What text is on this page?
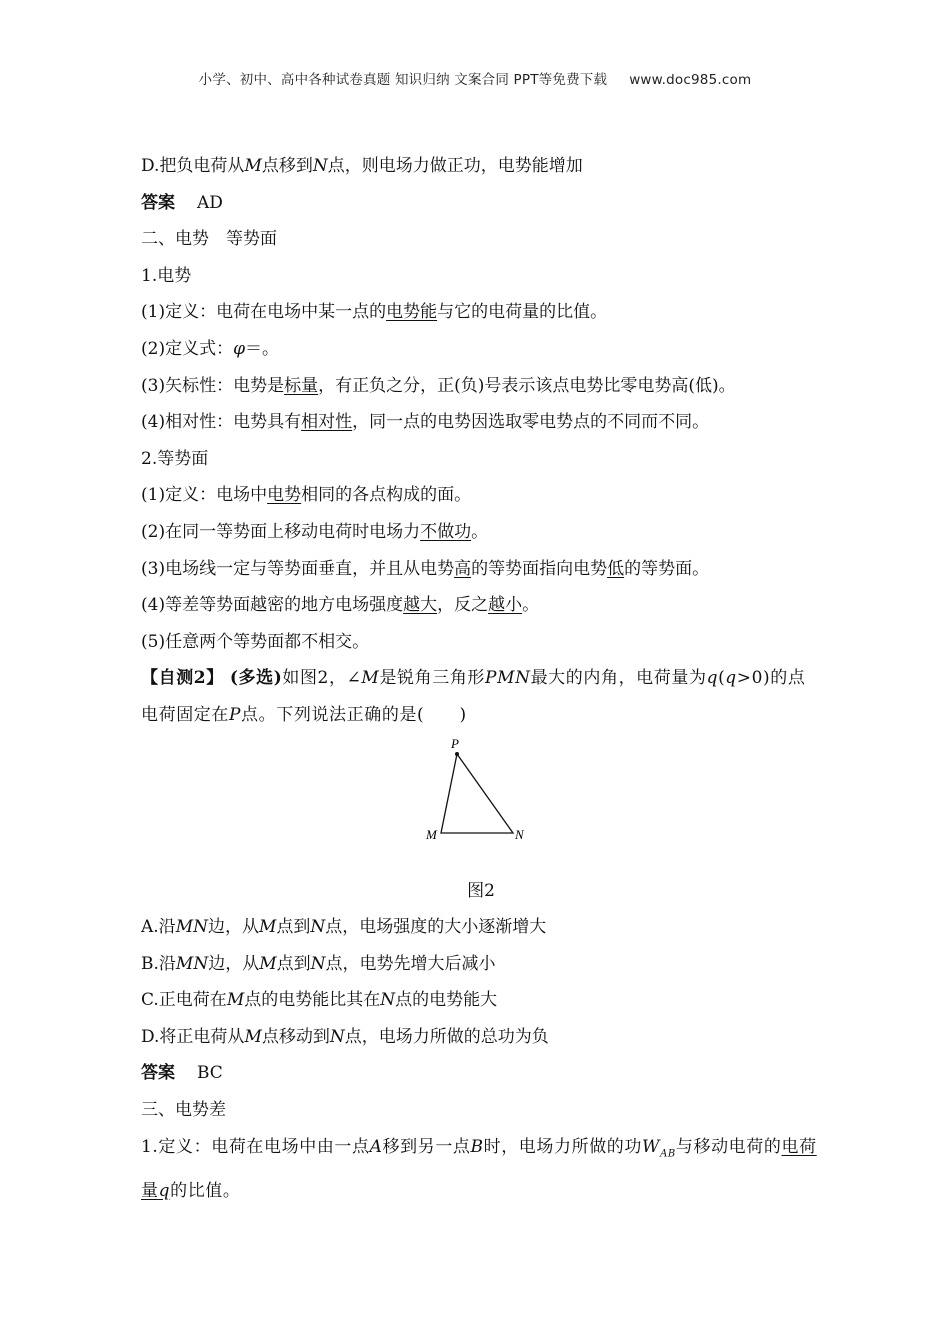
小学、初中、高中各种试卷真题 知识归纳 文案合同 PPT等免费下载 www.doc985.com
D.把负电荷从M点移到N点，则电场力做正功，电势能增加
答案 AD
二、电势　等势面
1.电势
(1)定义：电荷在电场中某一点的电势能与它的电荷量的比值。
(2)定义式：φ＝。
(3)矢标性：电势是标量，有正负之分，正(负)号表示该点电势比零电势高(低)。
(4)相对性：电势具有相对性，同一点的电势因选取零电势点的不同而不同。
2.等势面
(1)定义：电场中电势相同的各点构成的面。
(2)在同一等势面上移动电荷时电场力不做功。
(3)电场线一定与等势面垂直，并且从电势高的等势面指向电势低的等势面。
(4)等差等势面越密的地方电场强度越大，反之越小。
(5)任意两个等势面都不相交。
【自测2】 (多选)如图2，∠M是锐角三角形PMN最大的内角，电荷量为q(q>0)的点电荷固定在P点。下列说法正确的是(　　)
P
M	N
图2
A.沿MN边，从M点到N点，电场强度的大小逐渐增大
B.沿MN边，从M点到N点，电势先增大后减小
C.正电荷在M点的电势能比其在N点的电势能大
D.将正电荷从M点移动到N点，电场力所做的总功为负
答案 BC
三、电势差
1.定义：电荷在电场中由一点A移到另一点B时，电场力所做的功$W_{AB}$与移动电荷的电荷量q的比值。
